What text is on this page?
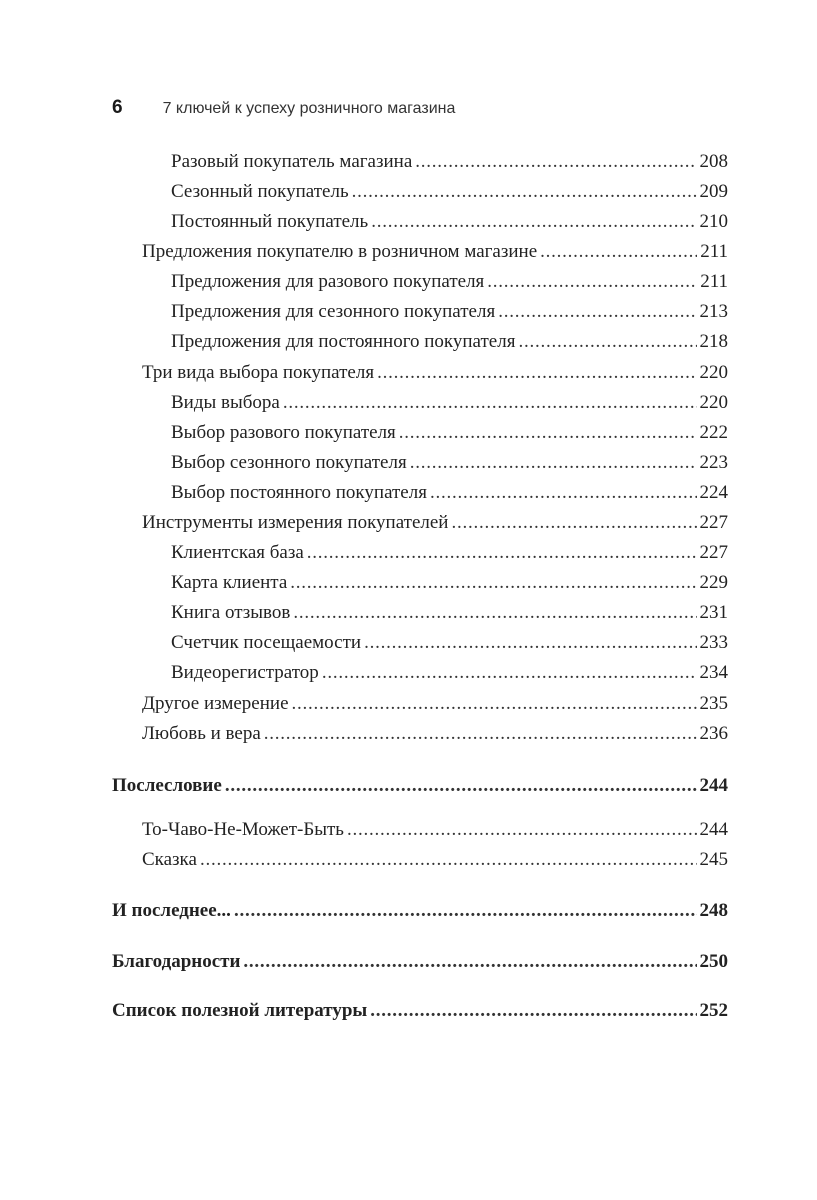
6	7 ключей к успеху розничного магазина
Разовый покупатель магазина . . .	208
Сезонный покупатель . . .	209
Постоянный покупатель . . .	210
Предложения покупателю в розничном магазине . . .	211
Предложения для разового покупателя . . .	211
Предложения для сезонного покупателя . . .	213
Предложения для постоянного покупателя . . .	218
Три вида выбора покупателя . . .	220
Виды выбора . . .	220
Выбор разового покупателя . . .	222
Выбор сезонного покупателя . . .	223
Выбор постоянного покупателя . . .	224
Инструменты измерения покупателей . . .	227
Клиентская база . . .	227
Карта клиента . . .	229
Книга отзывов . . .	231
Счетчик посещаемости . . .	233
Видеорегистратор . . .	234
Другое измерение . . .	235
Любовь и вера . . .	236
Послесловие . . .	244
То-Чаво-Не-Может-Быть . . .	244
Сказка . . .	245
И последнее... . . .	248
Благодарности . . .	250
Список полезной литературы . . .	252
